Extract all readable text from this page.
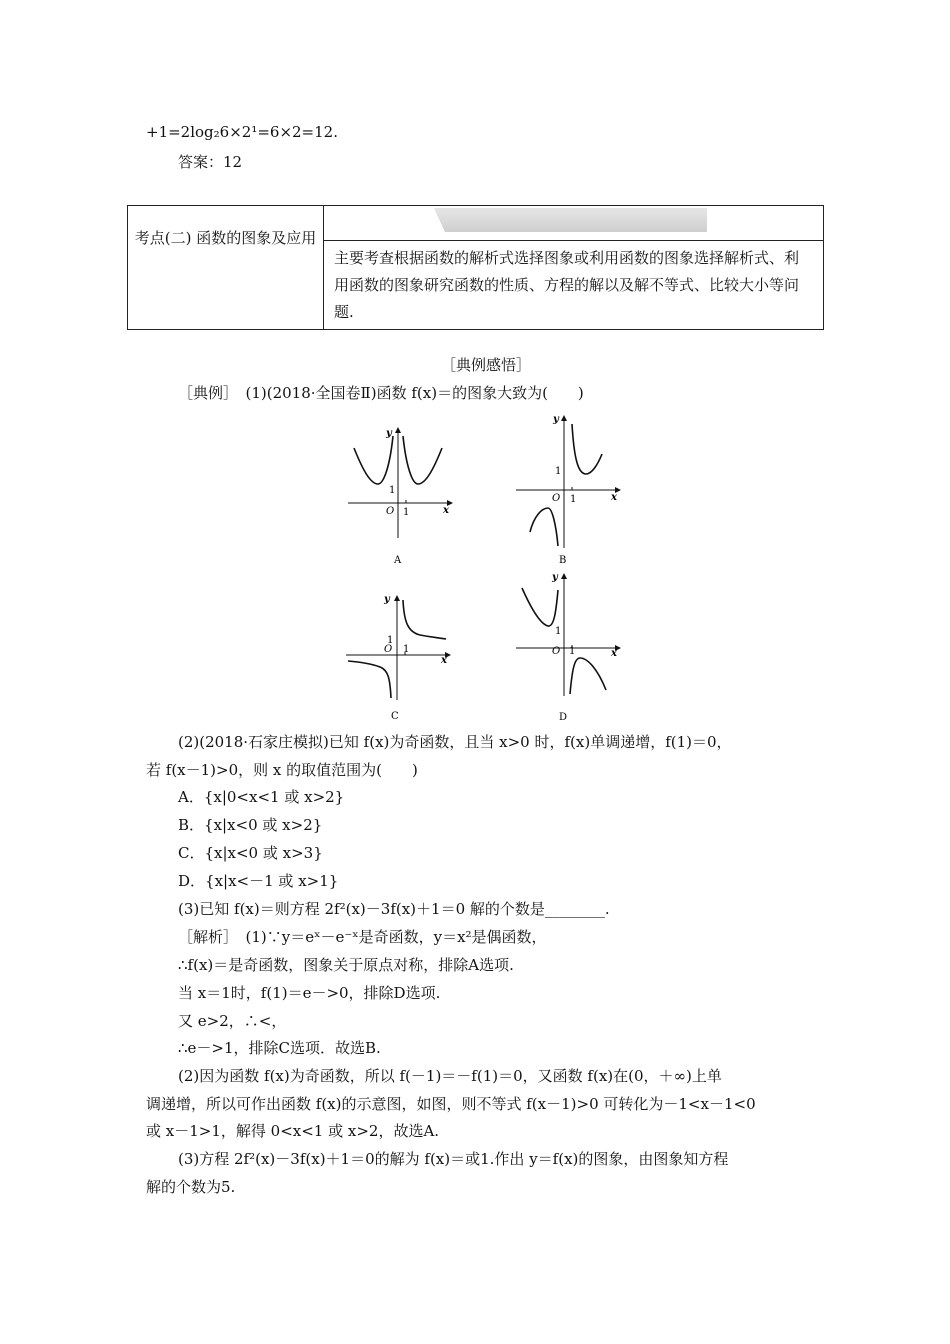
+1=2log₂6×2¹=6×2=12.
答案：12
考点(二) 函数的图象及应用	

主要考查根据函数的解析式选择图象或利用函数的图象选择解析式、利用函数的图象研究函数的性质、方程的解以及解不等式、比较大小等问题.
［典例感悟］
［典例］　(1)(2018·全国卷Ⅱ)函数 f(x)＝的图象大致为(　　)
y
x
O 1
1
A
y
x
O 1
1
B
y
x
O 1
1
C
y
x
O 1
1
D
(2)(2018·石家庄模拟)已知 f(x)为奇函数，且当 x>0 时，f(x)单调递增，f(1)＝0，
若 f(x－1)>0，则 x 的取值范围为(　　)
A．{x|0<x<1 或 x>2}
B．{x|x<0 或 x>2}
C．{x|x<0 或 x>3}
D．{x|x<－1 或 x>1}
(3)已知 f(x)＝则方程 2f²(x)－3f(x)＋1＝0 解的个数是________.
［解析］　(1)∵y＝eˣ－e⁻ˣ是奇函数，y＝x²是偶函数，
∴f(x)＝是奇函数，图象关于原点对称，排除A选项.
当 x＝1时，f(1)＝e－>0，排除D选项.
又 e>2，∴<，
∴e－>1，排除C选项．故选B.
(2)因为函数 f(x)为奇函数，所以 f(－1)＝－f(1)＝0，又函数 f(x)在(0，＋∞)上单
调递增，所以可作出函数 f(x)的示意图，如图，则不等式 f(x－1)>0 可转化为－1<x－1<0
或 x－1>1，解得 0<x<1 或 x>2，故选A.
(3)方程 2f²(x)－3f(x)＋1＝0的解为 f(x)＝或1.作出 y＝f(x)的图象，由图象知方程
解的个数为5.
